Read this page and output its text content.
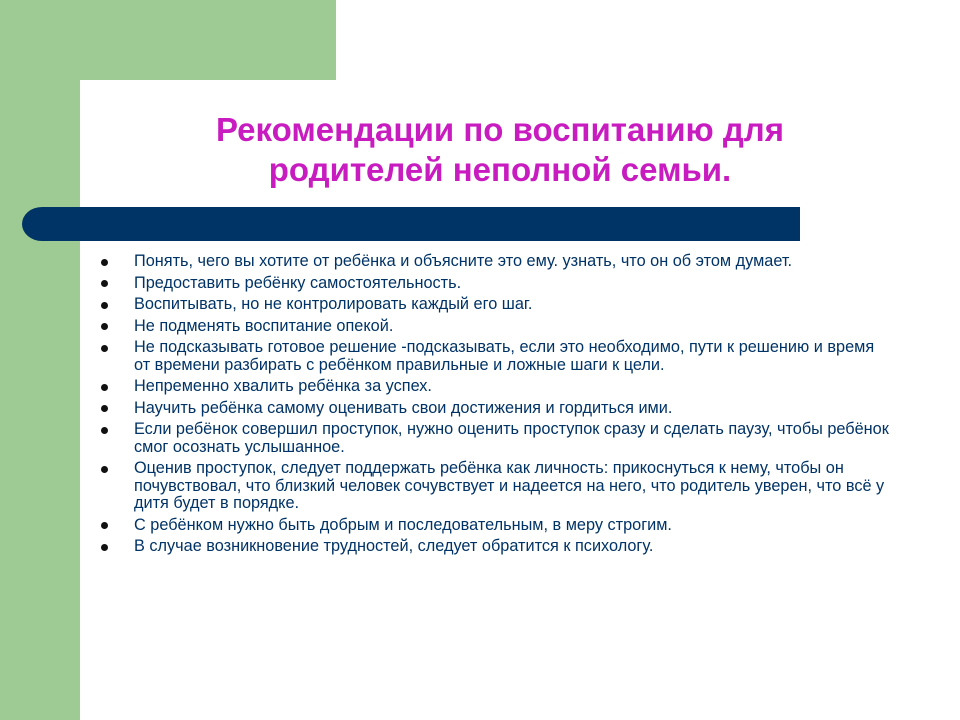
Рекомендации по воспитанию для
родителей неполной семьи.
Понять, чего вы хотите от ребёнка и объясните это ему. узнать, что он об этом думает.
Предоставить ребёнку самостоятельность.
Воспитывать, но не контролировать каждый его шаг.
Не подменять воспитание опекой.
Не подсказывать готовое решение -подсказывать, если это необходимо, пути к решению и время от времени разбирать с ребёнком правильные и ложные шаги к цели.
Непременно хвалить ребёнка за успех.
Научить ребёнка самому оценивать свои достижения и гордиться ими.
Если ребёнок совершил проступок, нужно оценить проступок сразу и сделать паузу, чтобы ребёнок смог осознать услышанное.
Оценив проступок, следует поддержать ребёнка как личность: прикоснуться к нему, чтобы он почувствовал, что близкий человек сочувствует и надеется на него, что родитель уверен, что всё у дитя будет в порядке.
С ребёнком нужно быть добрым и последовательным, в меру строгим.
В случае возникновение трудностей, следует обратится к психологу.
